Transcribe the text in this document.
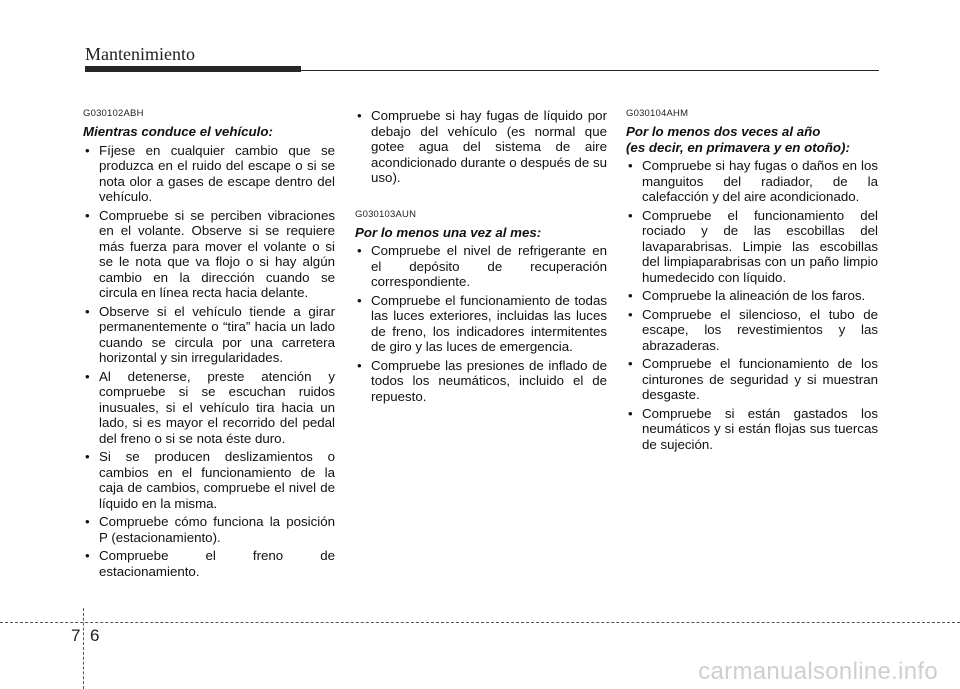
Mantenimiento

G030102ABH

Mientras conduce el vehículo:

• Fíjese en cualquier cambio que se produzca en el ruido del escape o si se nota olor a gases de escape dentro del vehículo.
• Compruebe si se perciben vibraciones en el volante. Observe si se requiere más fuerza para mover el volante o si se le nota que va flojo o si hay algún cambio en la dirección cuando se circula en línea recta hacia delante.
• Observe si el vehículo tiende a girar permanentemente o “tira” hacia un lado cuando se circula por una carretera horizontal y sin irregularidades.
• Al detenerse, preste atención y compruebe si se escuchan ruidos inusuales, si el vehículo tira hacia un lado, si es mayor el recorrido del pedal del freno o si se nota éste duro.
• Si se producen deslizamientos o cambios en el funcionamiento de la caja de cambios, compruebe el nivel de líquido en la misma.
• Compruebe cómo funciona la posición P (estacionamiento).
• Compruebe el freno de estacionamiento.
• Compruebe si hay fugas de líquido por debajo del vehículo (es normal que gotee agua del sistema de aire acondicionado durante o después de su uso).

G030103AUN

Por lo menos una vez al mes:

• Compruebe el nivel de refrigerante en el depósito de recuperación correspondiente.
• Compruebe el funcionamiento de todas las luces exteriores, incluidas las luces de freno, los indicadores intermitentes de giro y las luces de emergencia.
• Compruebe las presiones de inflado de todos los neumáticos, incluido el de repuesto.

G030104AHM

Por lo menos dos veces al año
(es decir, en primavera y en otoño):

• Compruebe si hay fugas o daños en los manguitos del radiador, de la calefacción y del aire acondicionado.
• Compruebe el funcionamiento del rociado y de las escobillas del lavaparabrisas. Limpie las escobillas del limpiaparabrisas con un paño limpio humedecido con líquido.
• Compruebe la alineación de los faros.
• Compruebe el silencioso, el tubo de escape, los revestimientos y las abrazaderas.
• Compruebe el funcionamiento de los cinturones de seguridad y si muestran desgaste.
• Compruebe si están gastados los neumáticos y si están flojas sus tuercas de sujeción.
7 6
carmanualsonline.info
